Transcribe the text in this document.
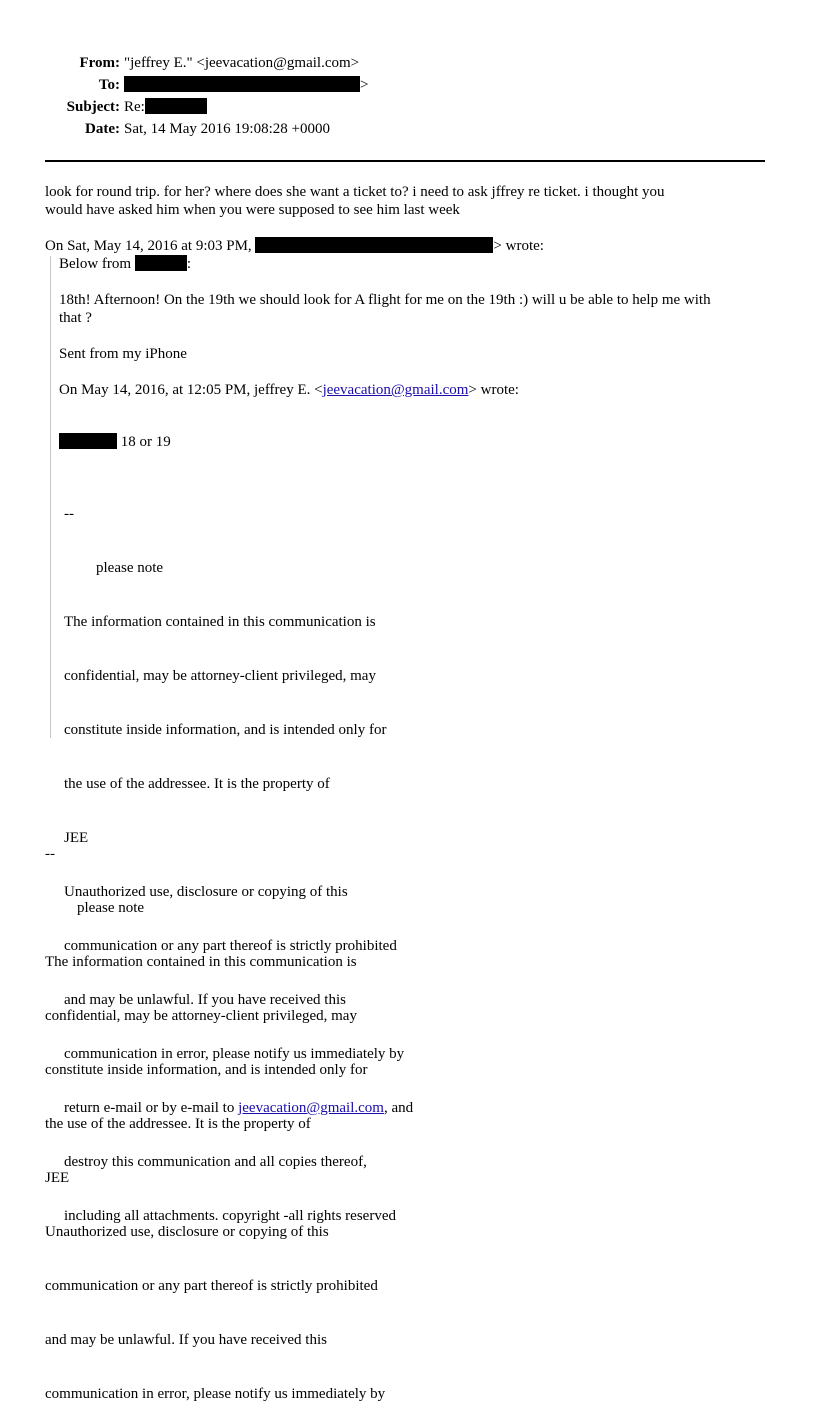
From: "jeffrey E." <jeevacation@gmail.com>
To:	>
Subject: Re:
Date: Sat, 14 May 2016 19:08:28 +0000
look for round trip. for her? where does she want a ticket to? i need to ask jffrey re ticket. i thought you
would have asked him when you were supposed to see him last week
On Sat, May 14, 2016 at 9:03 PM,	> wrote:
Below from	:
18th! Afternoon! On the 19th we should look for A flight for me on the 19th :) will u be able to help me with
that ?
Sent from my iPhone
On May 14, 2016, at 12:05 PM, jeffrey E. <jeevacation@gmail.com> wrote:
18 or 19

--

please note

The information contained in this communication is

confidential, may be attorney-client privileged, may

constitute inside information, and is intended only for

the use of the addressee. It is the property of

JEE

Unauthorized use, disclosure or copying of this

communication or any part thereof is strictly prohibited

and may be unlawful. If you have received this

communication in error, please notify us immediately by

return e-mail or by e-mail to jeevacation@gmail.com, and

destroy this communication and all copies thereof,

including all attachments. copyright -all rights reserved

--

please note

The information contained in this communication is

confidential, may be attorney-client privileged, may

constitute inside information, and is intended only for

the use of the addressee. It is the property of

JEE

Unauthorized use, disclosure or copying of this

communication or any part thereof is strictly prohibited

and may be unlawful. If you have received this

communication in error, please notify us immediately by
